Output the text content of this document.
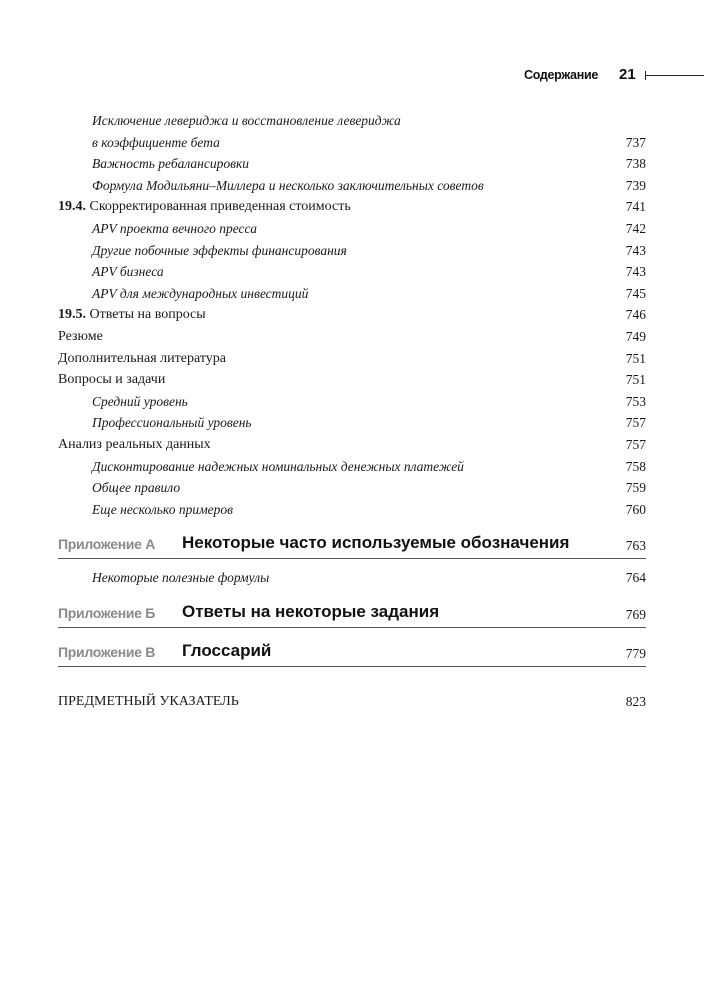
Содержание 21
Исключение левериджа и восстановление левериджа
в коэффициенте бета	737
Важность ребалансировки	738
Формула Модильяни–Миллера и несколько заключительных советов	739
19.4. Скорректированная приведенная стоимость	741
APV проекта вечного пресса	742
Другие побочные эффекты финансирования	743
APV бизнеса	743
APV для международных инвестиций	745
19.5. Ответы на вопросы	746
Резюме	749
Дополнительная литература	751
Вопросы и задачи	751
Средний уровень	753
Профессиональный уровень	757
Анализ реальных данных	757
Дисконтирование надежных номинальных денежных платежей	758
Общее правило	759
Еще несколько примеров	760
Приложение А Некоторые часто используемые обозначения	763
Некоторые полезные формулы	764
Приложение Б Ответы на некоторые задания	769
Приложение В Глоссарий	779
ПРЕДМЕТНЫЙ УКАЗАТЕЛЬ	823
